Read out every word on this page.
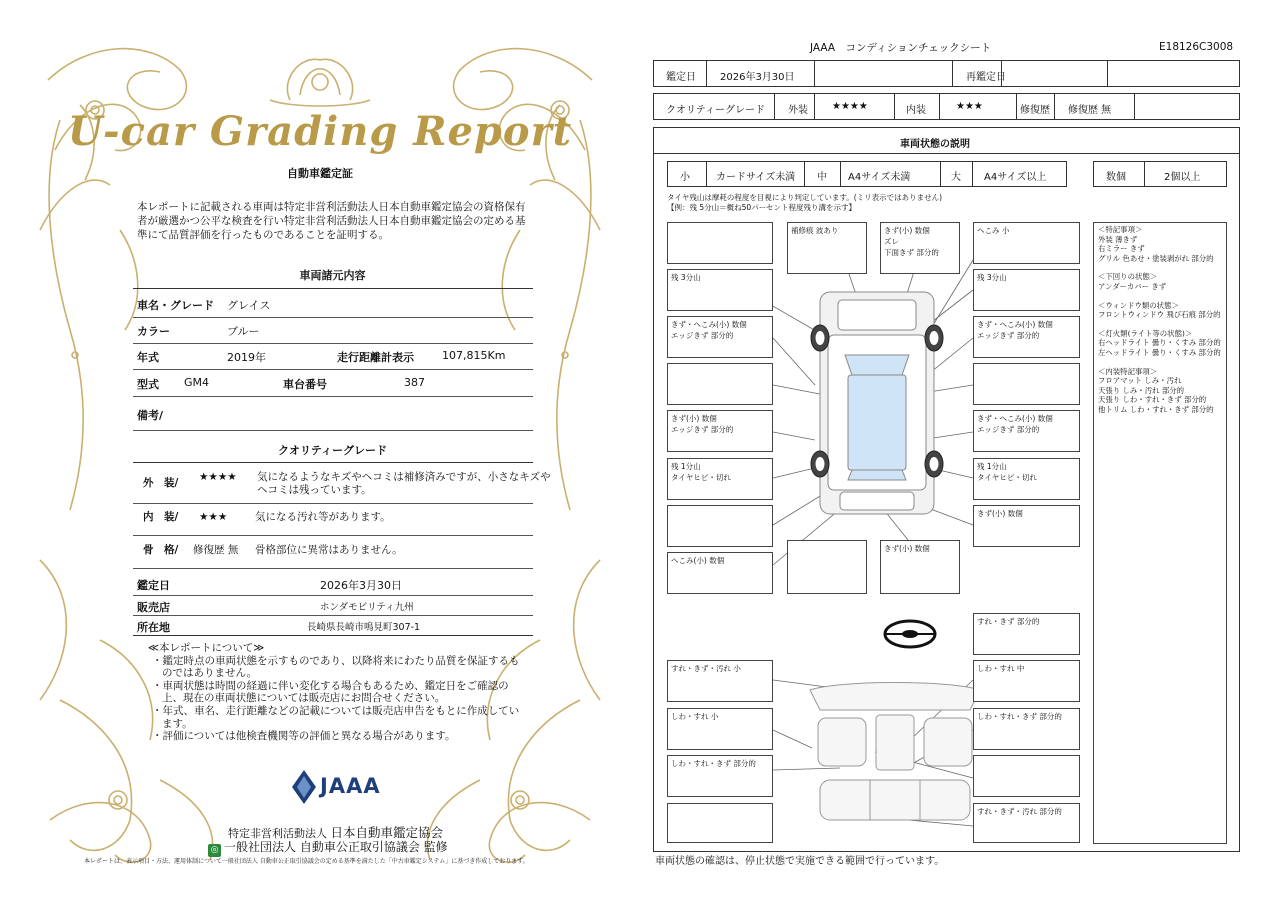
U-car Grading Report
自動車鑑定証
本レポートに記載される車両は特定非営利活動法人日本自動車鑑定協会の資格保有者が厳選かつ公平な検査を行い特定非営利活動法人日本自動車鑑定協会の定める基準にて品質評価を行ったものであることを証明する。
車両諸元内容
車名・グレード グレイス
カラー	ブルー
年式	2019年	走行距離計表示	107,815Km
型式 GM4	車台番号	387
備考/
クオリティーグレード
外　装/ ★★★★ 気になるようなキズやヘコミは補修済みですが、小さなキズや
ヘコミは残っています。
内　装/ ★★★	気になる汚れ等があります。
骨　格/ 修復歴 無 骨格部位に異常はありません。
鑑定日	2026年3月30日
販売店	ホンダモビリティ九州
所在地	長崎県長崎市鳴見町307-1
≪本レポートについて≫
・鑑定時点の車両状態を示すものであり、以降将来にわたり品質を保証するものではありません。
・車両状態は時間の経過に伴い変化する場合もあるため、鑑定日をご確認の上、現在の車両状態については販売店にお問合せください。
・年式、車名、走行距離などの記載については販売店申告をもとに作成しています。
・評価については他検査機関等の評価と異なる場合があります。
JAAA
特定非営利活動法人 日本自動車鑑定協会
◎ 一般社団法人 自動車公正取引協議会 監修
本レポートは、表示項目・方法、運用体制について一般社団法人 自動車公正取引協議会の定める基準を満たした「中古車鑑定システム」に基づき作成しております。
JAAA　コンディションチェックシート	E18126C3008
鑑定日 2026年3月30日	再鑑定日
クオリティーグレード 外装 ★★★★	内装	★★★	修復歴 修復歴 無
車両状態の説明
小	カードサイズ未満 中 A4サイズ未満	大 A4サイズ以上	数個	2個以上
タイヤ残山は摩耗の程度を目視により判定しています。(ミリ表示ではありません)
【例：残 5分山＝概ね50パーセント程度残り溝を示す】
補修痕 波あり	きず(小) 数個
ズレ
下面きず 部分的
へこみ 小
残 3分山	残 3分山
きず・へこみ(小) 数個
エッジきず 部分的
きず・へこみ(小) 数個
エッジきず 部分的
きず(小) 数個
エッジきず 部分的
きず・へこみ(小) 数個
エッジきず 部分的
残 1分山
タイヤヒビ・切れ
残 1分山
タイヤヒビ・切れ
きず(小) 数個
へこみ(小) 数個
きず(小) 数個
すれ・きず 部分的
すれ・きず・汚れ 小	しわ・すれ 中
しわ・すれ 小	しわ・すれ・きず 部分的
しわ・すれ・きず 部分的
すれ・きず・汚れ 部分的
＜特記事項＞
外装 薄きず
右ミラー きず
グリル 色あせ・塗装剥がれ 部分的
＜下回りの状態＞
アンダーカバー きず
＜ウィンドウ類の状態＞
フロントウィンドウ 飛び石痕 部分的
＜灯火類(ライト等の状態)＞
右ヘッドライト 曇り・くすみ 部分的
左ヘッドライト 曇り・くすみ 部分的
＜内装特記事項＞
フロアマット しみ・汚れ
天張り しみ・汚れ 部分的
天張り しわ・すれ・きず 部分的
他トリム しわ・すれ・きず 部分的
車両状態の確認は、停止状態で実施できる範囲で行っています。
